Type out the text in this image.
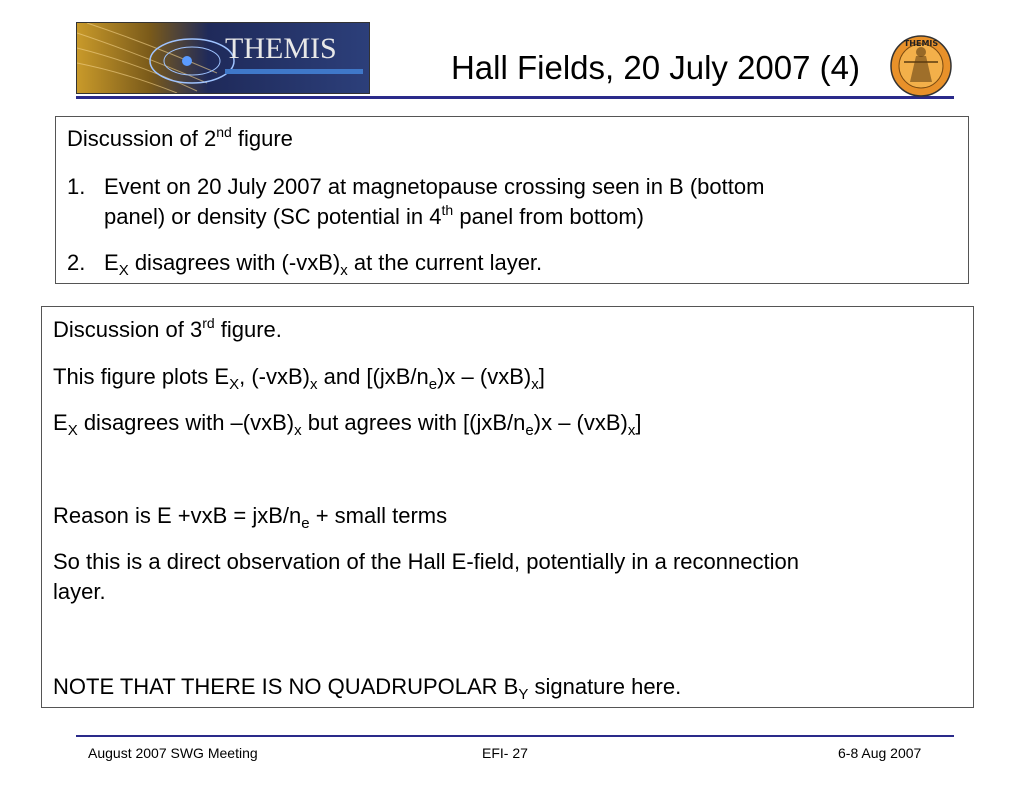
THEMIS
Hall Fields, 20 July 2007 (4)
THEMIS

Discussion of 2nd figure

1. Event on 20 July 2007 at magnetopause crossing seen in B (bottom

panel) or density (SC potential in 4th panel from bottom)

2. $E_X$ disagrees with $(-vxB)_x$ at the current layer.

Discussion of 3rd figure.

This figure plots $E_X$, $(-vxB)_x$ and $[(jxB/n_e)x - (vxB)_x]$

$E_X$ disagrees with $-(vxB)_x$ but agrees with $[(jxB/n_e)x - (vxB)_x]$

Reason is E +vxB = jxB/$n_e$ + small terms

So this is a direct observation of the Hall E-field, potentially in a reconnection

layer.

NOTE THAT THERE IS NO QUADRUPOLAR $B_Y$ signature here.

August 2007 SWG Meeting	EFI- 27	6-8 Aug 2007
